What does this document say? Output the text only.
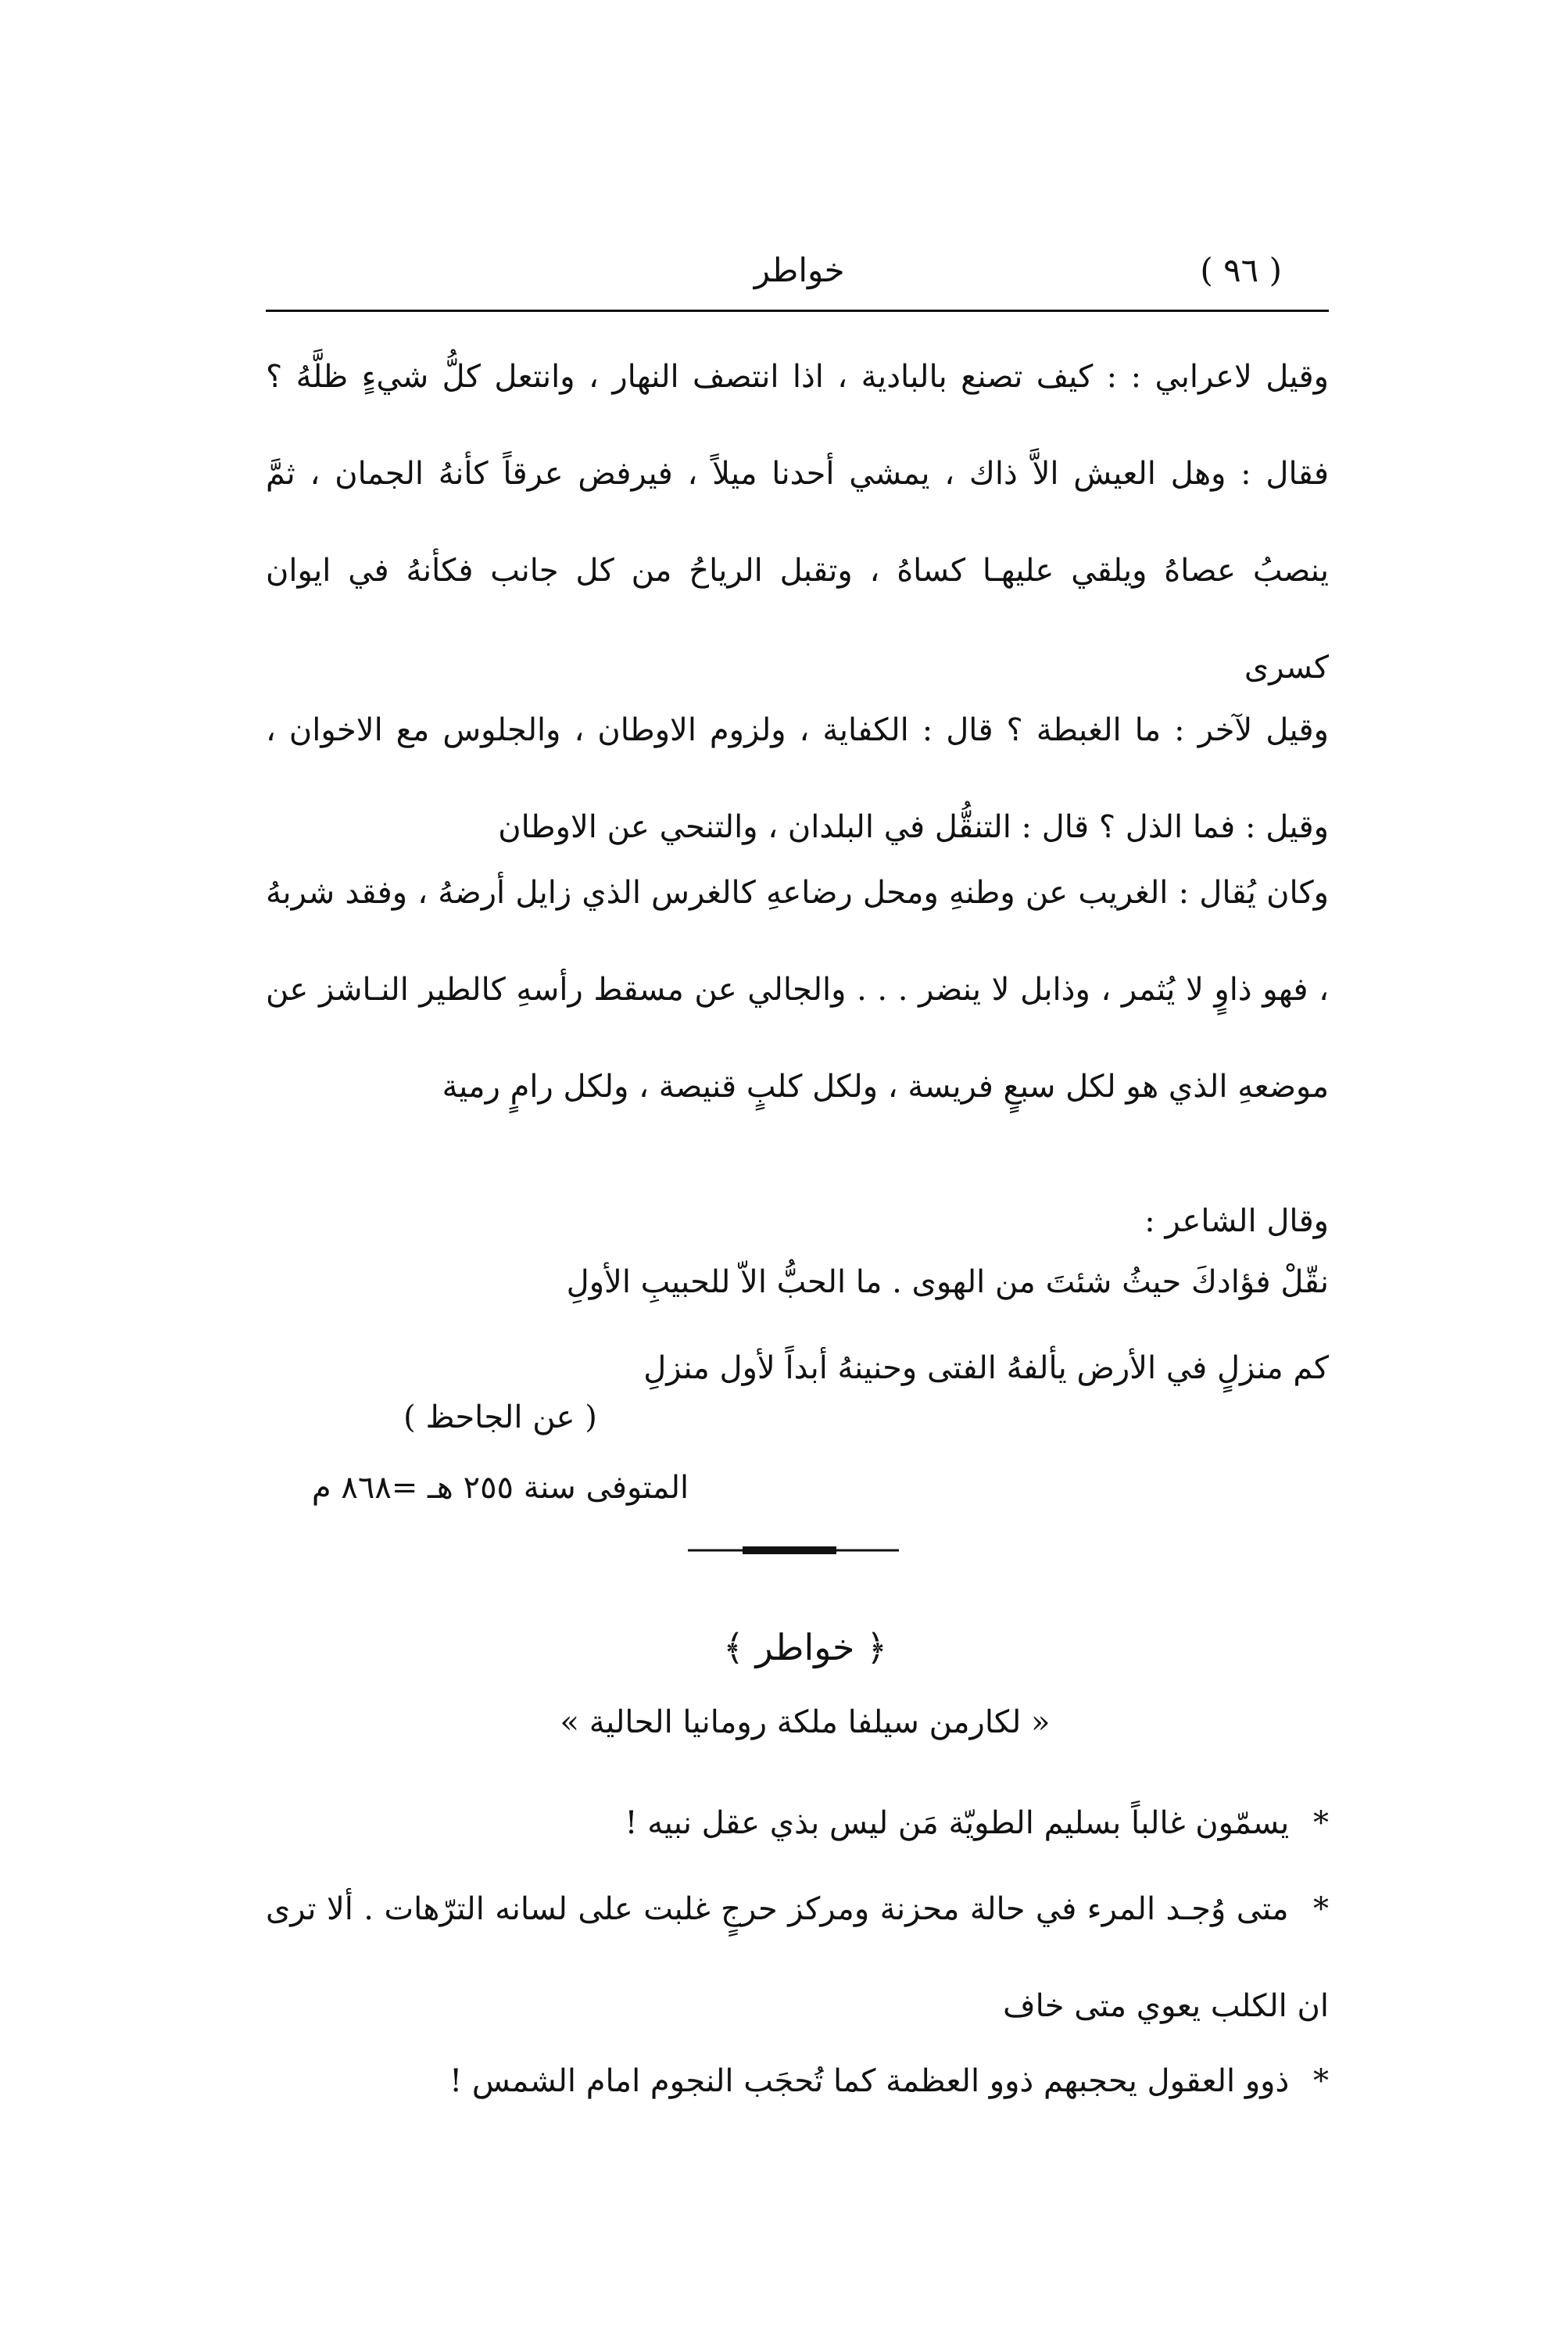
( ٩٦ )
خواطر

وقيل لاعرابي : : كيف تصنع بالبادية ، اذا انتصف النهار ، وانتعل كلُّ شيءٍ ظلَّهُ ؟ فقال : وهل العيش الاَّ ذاك ، يمشي أحدنا ميلاً ، فيرفض عرقاً كأنهُ الجمان ، ثمَّ ينصبُ عصاهُ ويلقي عليهـا كساهُ ، وتقبل الرياحُ من كل جانب فكأنهُ في ايوان كسرى

وقيل لآخر : ما الغبطة ؟ قال : الكفاية ، ولزوم الاوطان ، والجلوس مع الاخوان ، وقيل : فما الذل ؟ قال : التنقُّل في البلدان ، والتنحي عن الاوطان

وكان يُقال : الغريب عن وطنهِ ومحل رضاعهِ كالغرس الذي زايل أرضهُ ، وفقد شربهُ ، فهو ذاوٍ لا يُثمر ، وذابل لا ينضر . . . والجالي عن مسقط رأسهِ كالطير النـاشز عن موضعهِ الذي هو لكل سبعٍ فريسة ، ولكل كلبٍ قنيصة ، ولكل رامٍ رمية

وقال الشاعر :
نقّلْ فؤادكَ حيثُ شئتَ من الهوى . ما الحبُّ الاّ للحبيبِ الأولِ
كم منزلٍ في الأرض يألفهُ الفتى وحنينهُ أبداً لأول منزلِ
( عن الجاحظ )
المتوفى سنة ٢٥٥ هـ =٨٦٨ م
﴿ خواطر ﴾
« لكارمن سيلفا ملكة رومانيا الحالية »
* يسمّون غالباً بسليم الطويّة مَن ليس بذي عقل نبيه !
* متى وُجـد المرء في حالة محزنة ومركز حرجٍ غلبت على لسانه الترّهات . ألا ترى ان الكلب يعوي متى خاف
* ذوو العقول يحجبهم ذوو العظمة كما تُحجَب النجوم امام الشمس !
